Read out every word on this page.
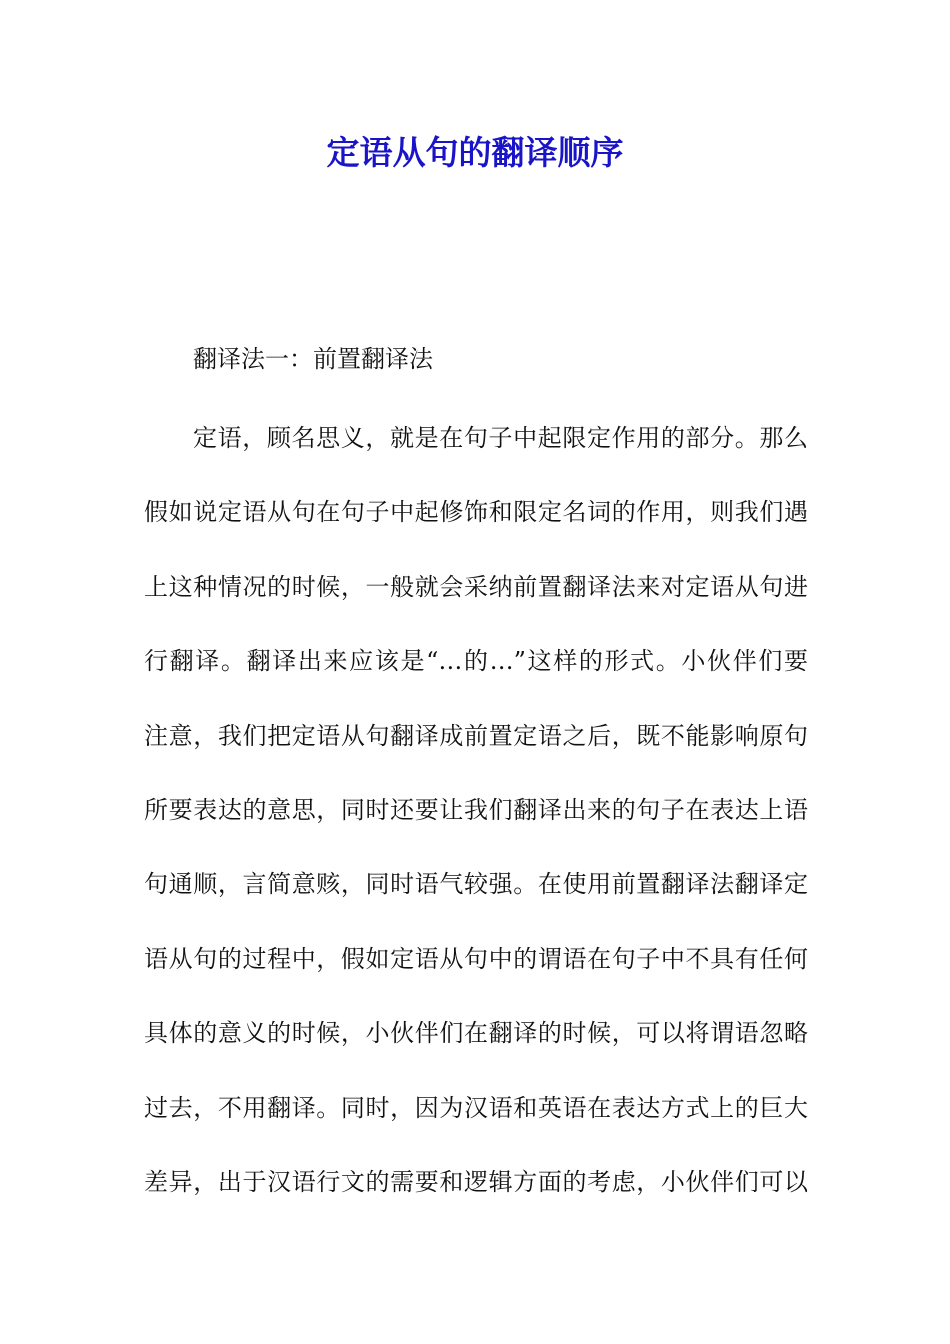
定语从句的翻译顺序

翻译法一：前置翻译法

定语，顾名思义，就是在句子中起限定作用的部分。那么
假如说定语从句在句子中起修饰和限定名词的作用，则我们遇
上这种情况的时候，一般就会采纳前置翻译法来对定语从句进
行翻译。翻译出来应该是“…的…”这样的形式。小伙伴们要
注意，我们把定语从句翻译成前置定语之后，既不能影响原句
所要表达的意思，同时还要让我们翻译出来的句子在表达上语
句通顺，言简意赅，同时语气较强。在使用前置翻译法翻译定
语从句的过程中，假如定语从句中的谓语在句子中不具有任何
具体的意义的时候，小伙伴们在翻译的时候，可以将谓语忽略
过去，不用翻译。同时，因为汉语和英语在表达方式上的巨大
差异，出于汉语行文的需要和逻辑方面的考虑，小伙伴们可以
